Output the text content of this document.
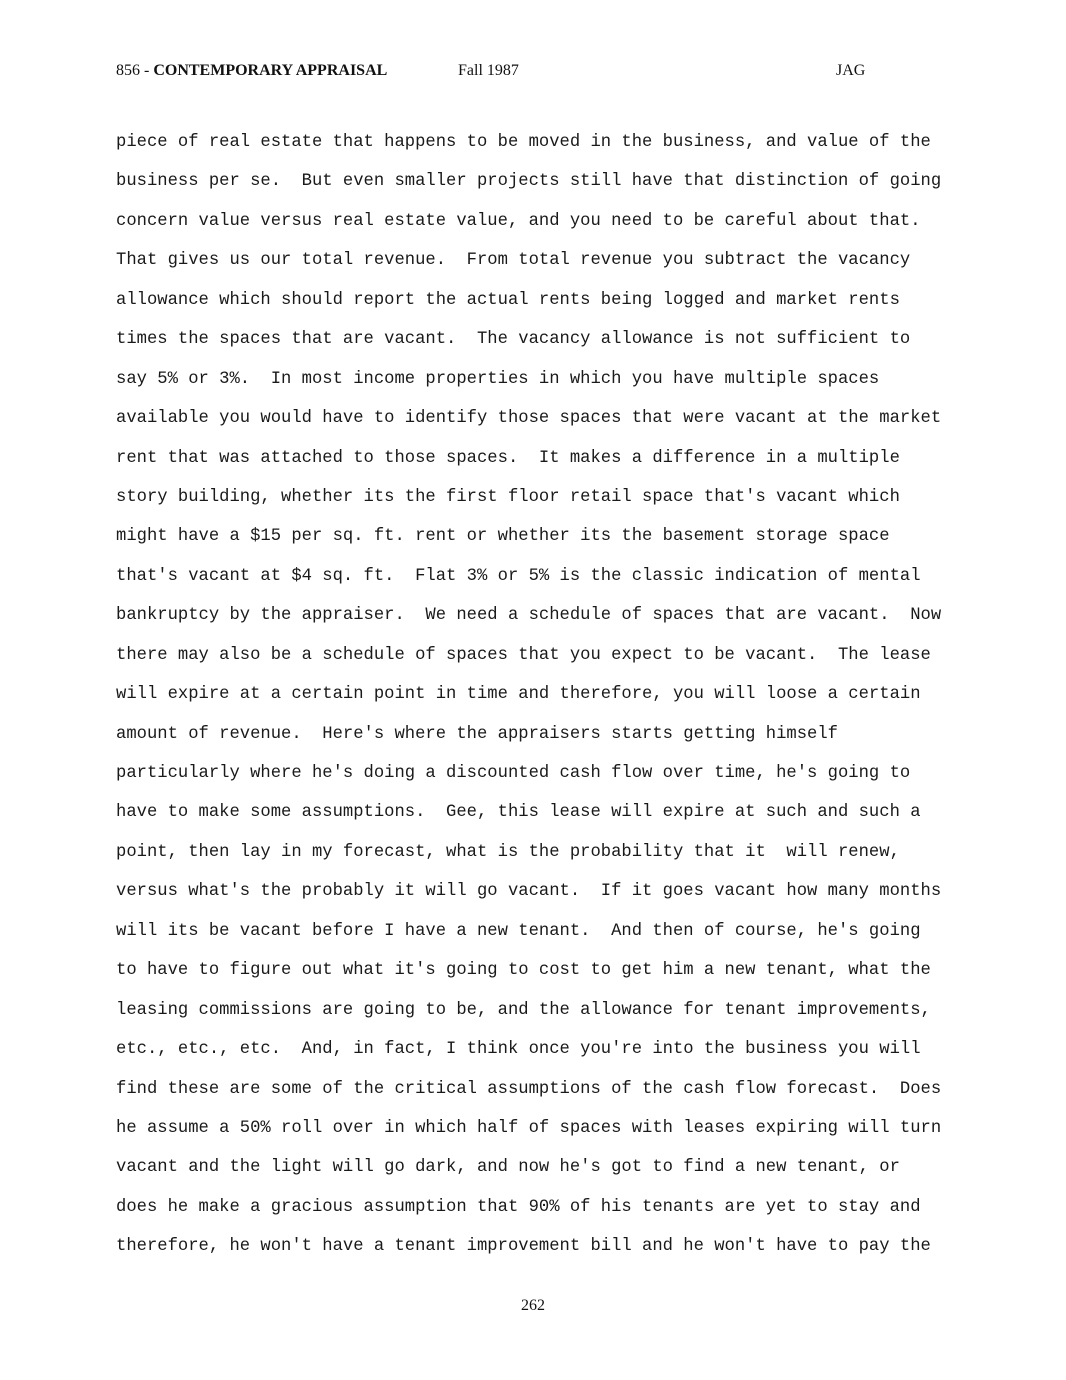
856 - CONTEMPORARY APPRAISAL	Fall 1987	JAG
piece of real estate that happens to be moved in the business, and value of the
business per se.  But even smaller projects still have that distinction of going
concern value versus real estate value, and you need to be careful about that.
That gives us our total revenue.  From total revenue you subtract the vacancy
allowance which should report the actual rents being logged and market rents
times the spaces that are vacant.  The vacancy allowance is not sufficient to
say 5% or 3%.  In most income properties in which you have multiple spaces
available you would have to identify those spaces that were vacant at the market
rent that was attached to those spaces.  It makes a difference in a multiple
story building, whether its the first floor retail space that's vacant which
might have a $15 per sq. ft. rent or whether its the basement storage space
that's vacant at $4 sq. ft.  Flat 3% or 5% is the classic indication of mental
bankruptcy by the appraiser.  We need a schedule of spaces that are vacant.  Now
there may also be a schedule of spaces that you expect to be vacant.  The lease
will expire at a certain point in time and therefore, you will loose a certain
amount of revenue.  Here's where the appraisers starts getting himself
particularly where he's doing a discounted cash flow over time, he's going to
have to make some assumptions.  Gee, this lease will expire at such and such a
point, then lay in my forecast, what is the probability that it  will renew,
versus what's the probably it will go vacant.  If it goes vacant how many months
will its be vacant before I have a new tenant.  And then of course, he's going
to have to figure out what it's going to cost to get him a new tenant, what the
leasing commissions are going to be, and the allowance for tenant improvements,
etc., etc., etc.  And, in fact, I think once you're into the business you will
find these are some of the critical assumptions of the cash flow forecast.  Does
he assume a 50% roll over in which half of spaces with leases expiring will turn
vacant and the light will go dark, and now he's got to find a new tenant, or
does he make a gracious assumption that 90% of his tenants are yet to stay and
therefore, he won't have a tenant improvement bill and he won't have to pay the
262
